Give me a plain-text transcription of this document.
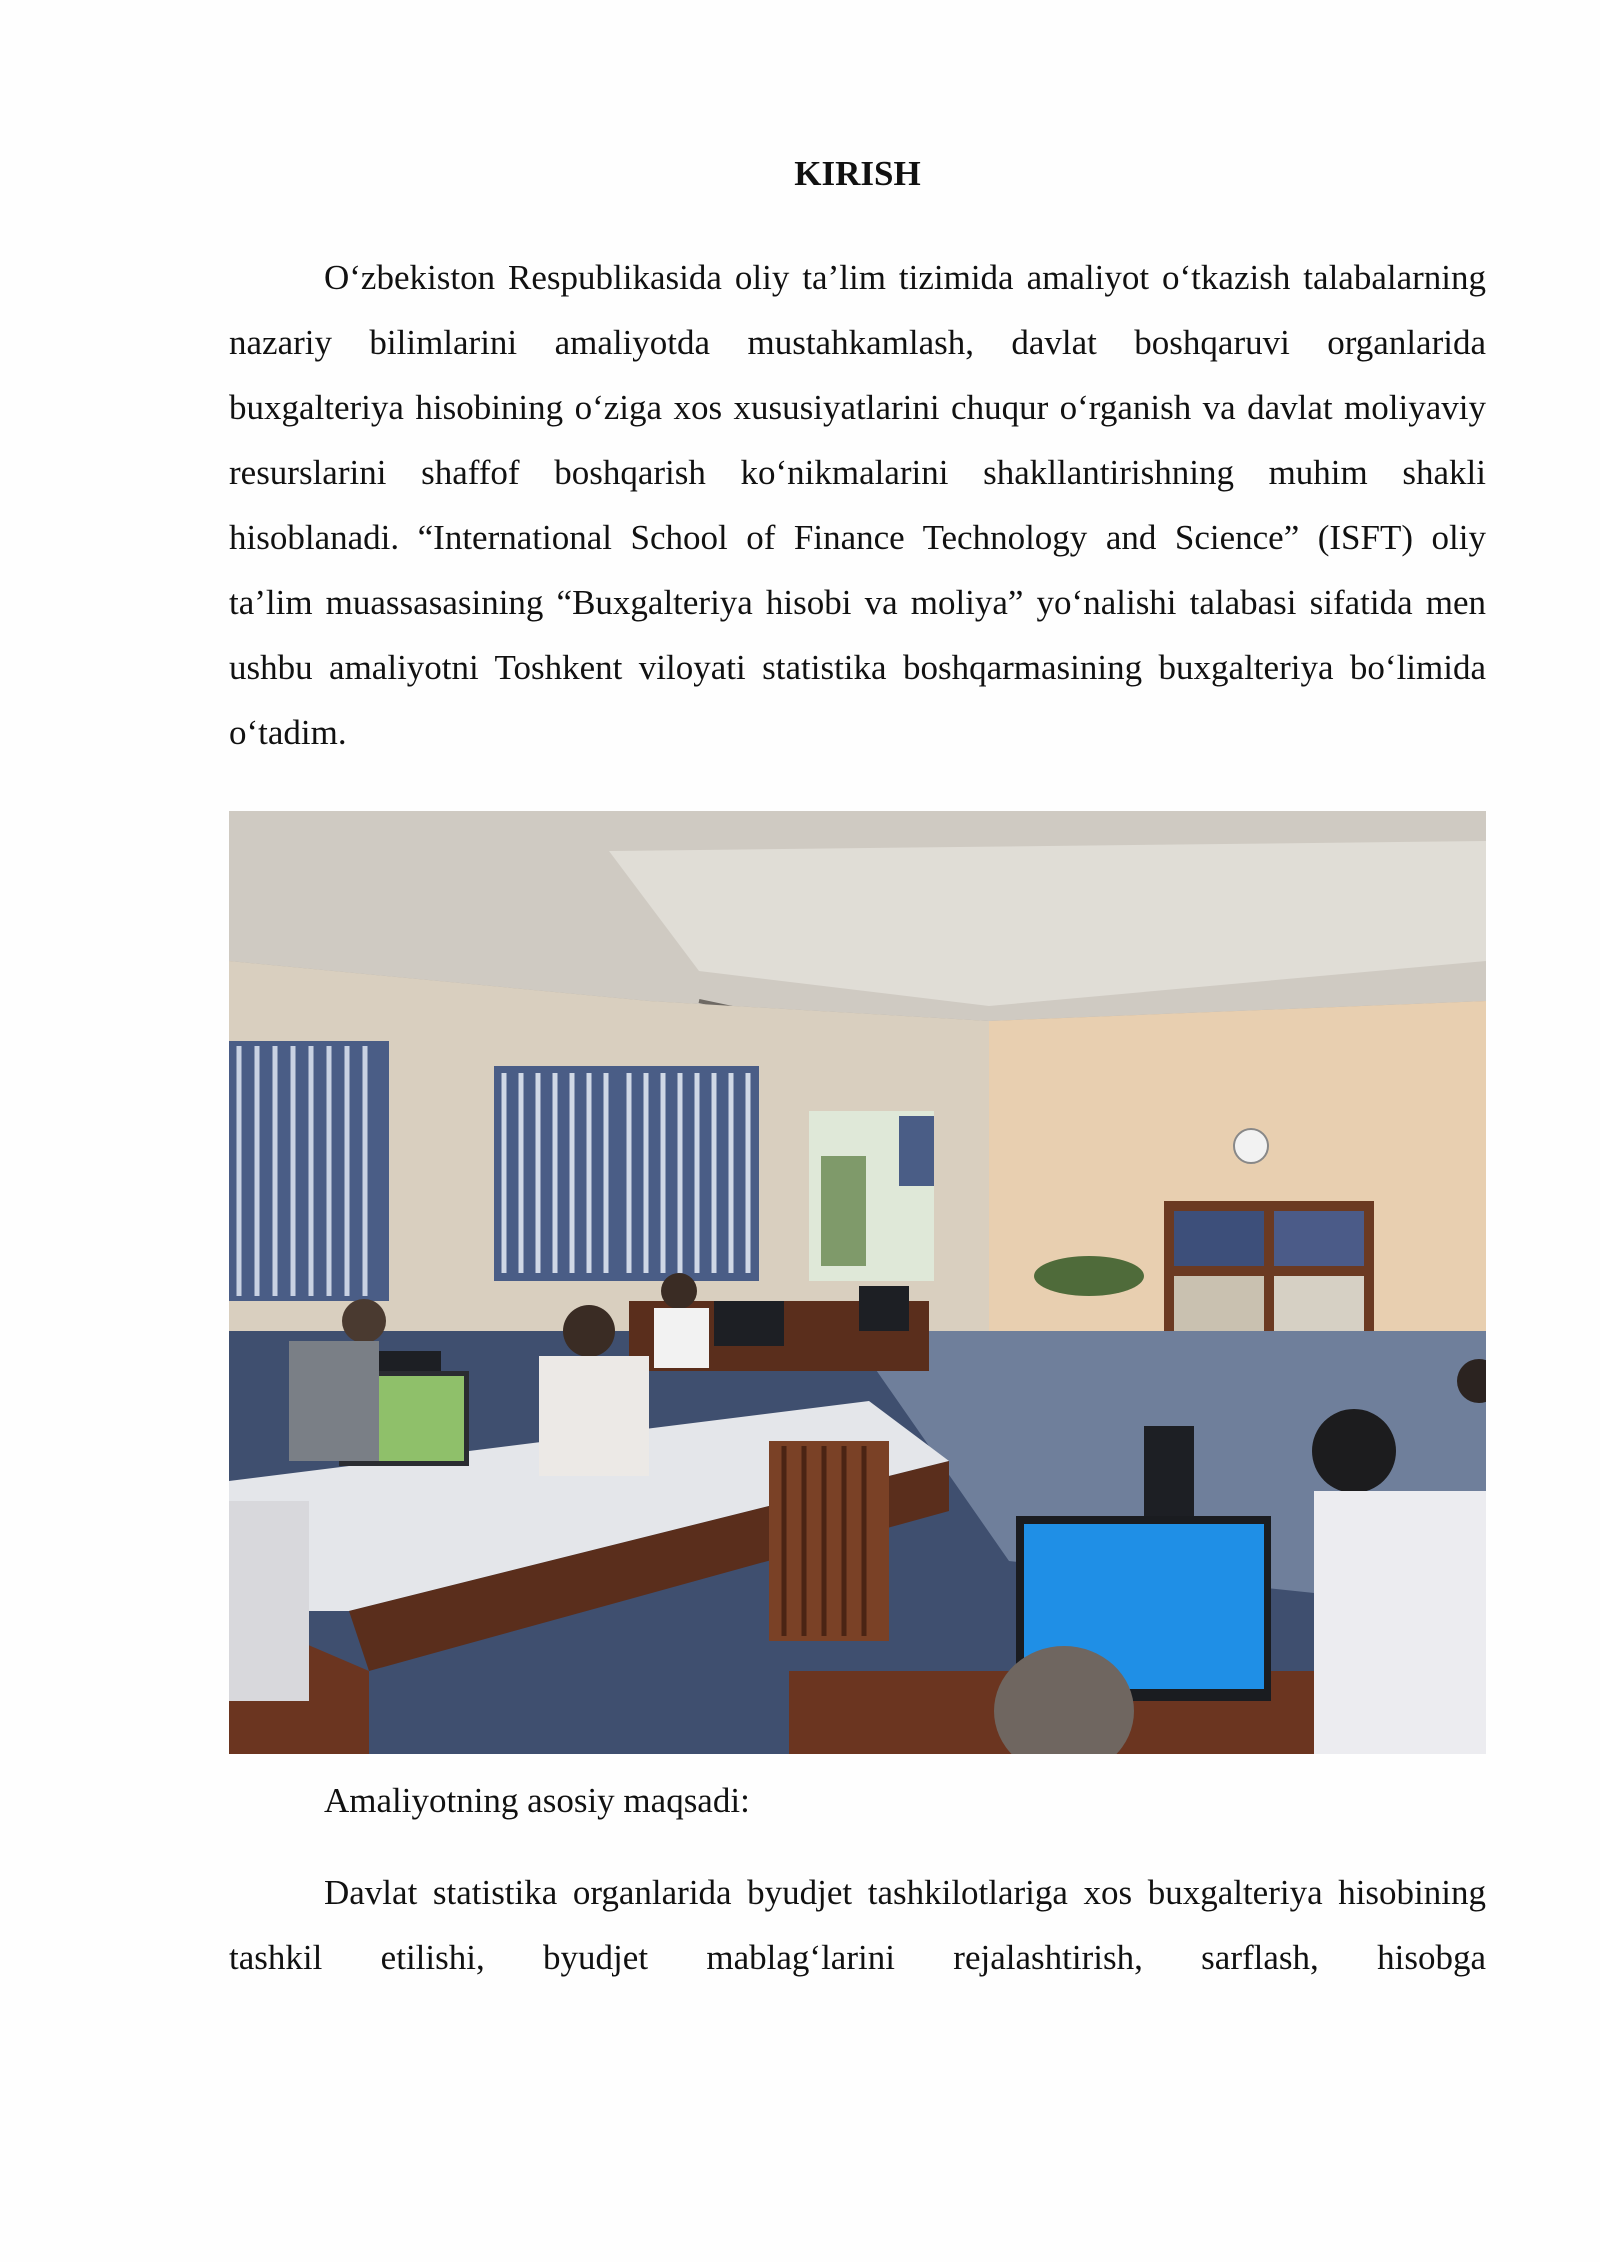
KIRISH

O‘zbekiston Respublikasida oliy ta’lim tizimida amaliyot o‘tkazish talabalarning nazariy bilimlarini amaliyotda mustahkamlash, davlat boshqaruvi organlarida buxgalteriya hisobining o‘ziga xos xususiyatlarini chuqur o‘rganish va davlat moliyaviy resurslarini shaffof boshqarish ko‘nikmalarini shakllantirishning muhim shakli hisoblanadi. “International School of Finance Technology and Science” (ISFT) oliy ta’lim muassasasining “Buxgalteriya hisobi va moliya” yo‘nalishi talabasi sifatida men ushbu amaliyotni Toshkent viloyati statistika boshqarmasining buxgalteriya bo‘limida o‘tadim.

Amaliyotning asosiy maqsadi:

Davlat statistika organlarida byudjet tashkilotlariga xos buxgalteriya hisobining tashkil etilishi, byudjet mablag‘larini rejalashtirish, sarflash, hisobga
